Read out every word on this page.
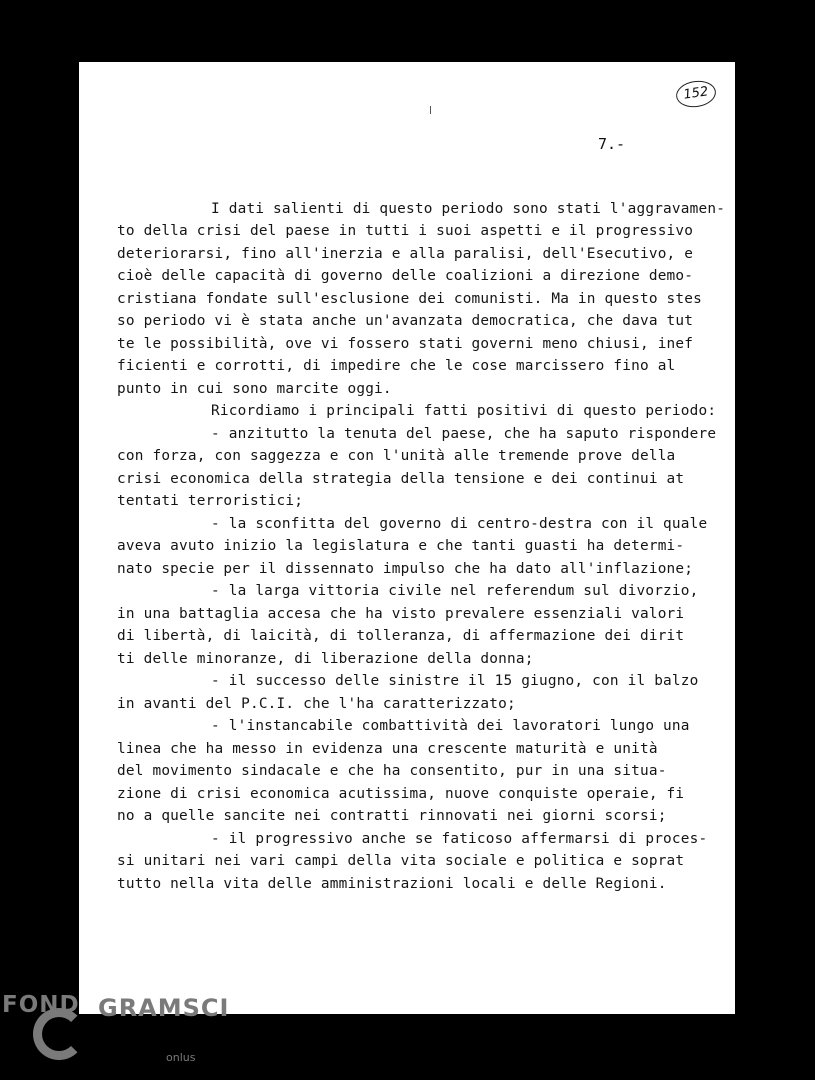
152

7.-

I dati salienti di questo periodo sono stati l'aggravamen-

to della crisi del paese in tutti i suoi aspetti e il progressivo

deteriorarsi, fino all'inerzia e alla paralisi, dell'Esecutivo, e

cioè delle capacità di governo delle coalizioni a direzione demo-

cristiana fondate sull'esclusione dei comunisti. Ma in questo stes

so periodo vi è stata anche un'avanzata democratica, che dava tut

te le possibilità, ove vi fossero stati governi meno chiusi, inef

ficienti e corrotti, di impedire che le cose marcissero fino al

punto in cui sono marcite oggi.

Ricordiamo i principali fatti positivi di questo periodo:

- anzitutto la tenuta del paese, che ha saputo rispondere

con forza, con saggezza e con l'unità alle tremende prove della

crisi economica della strategia della tensione e dei continui at

tentati terroristici;

- la sconfitta del governo di centro-destra con il quale

aveva avuto inizio la legislatura e che tanti guasti ha determi-

nato specie per il dissennato impulso che ha dato all'inflazione;

- la larga vittoria civile nel referendum sul divorzio,

in una battaglia accesa che ha visto prevalere essenziali valori

di libertà, di laicità, di tolleranza, di affermazione dei dirit

ti delle minoranze, di liberazione della donna;

- il successo delle sinistre il 15 giugno, con il balzo

in avanti del P.C.I. che l'ha caratterizzato;

- l'instancabile combattività dei lavoratori lungo una

linea che ha messo in evidenza una crescente maturità e unità

del movimento sindacale e che ha consentito, pur in una situa-

zione di crisi economica acutissima, nuove conquiste operaie, fi

no a quelle sancite nei contratti rinnovati nei giorni scorsi;

- il progressivo anche se faticoso affermarsi di proces-

si unitari nei vari campi della vita sociale e politica e soprat

tutto nella vita delle amministrazioni locali e delle Regioni.

FOND GRAMSCI
onlus
